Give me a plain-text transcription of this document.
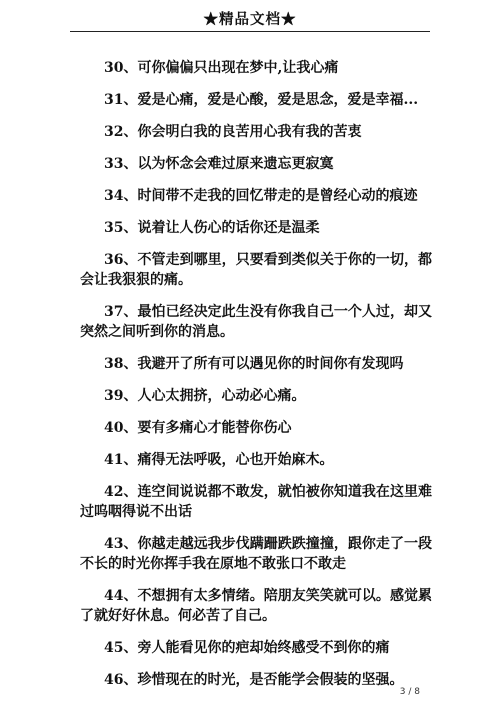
★精品文档★

30、可你偏偏只出现在梦中,让我心痛

31、爱是心痛，爱是心酸，爱是思念，爱是幸福...

32、你会明白我的良苦用心我有我的苦衷

33、以为怀念会难过原来遗忘更寂寞

34、时间带不走我的回忆带走的是曾经心动的痕迹

35、说着让人伤心的话你还是温柔

36、不管走到哪里，只要看到类似关于你的一切，都会让我狠狠的痛。

37、最怕已经决定此生没有你我自己一个人过，却又突然之间听到你的消息。

38、我避开了所有可以遇见你的时间你有发现吗

39、人心太拥挤，心动必心痛。

40、要有多痛心才能替你伤心

41、痛得无法呼吸，心也开始麻木。

42、连空间说说都不敢发，就怕被你知道我在这里难过呜咽得说不出话

43、你越走越远我步伐蹒跚跌跌撞撞，跟你走了一段不长的时光你挥手我在原地不敢张口不敢走

44、不想拥有太多情绪。陪朋友笑笑就可以。感觉累了就好好休息。何必苦了自己。

45、旁人能看见你的疤却始终感受不到你的痛

46、珍惜现在的时光，是否能学会假装的坚强。

3 / 8
